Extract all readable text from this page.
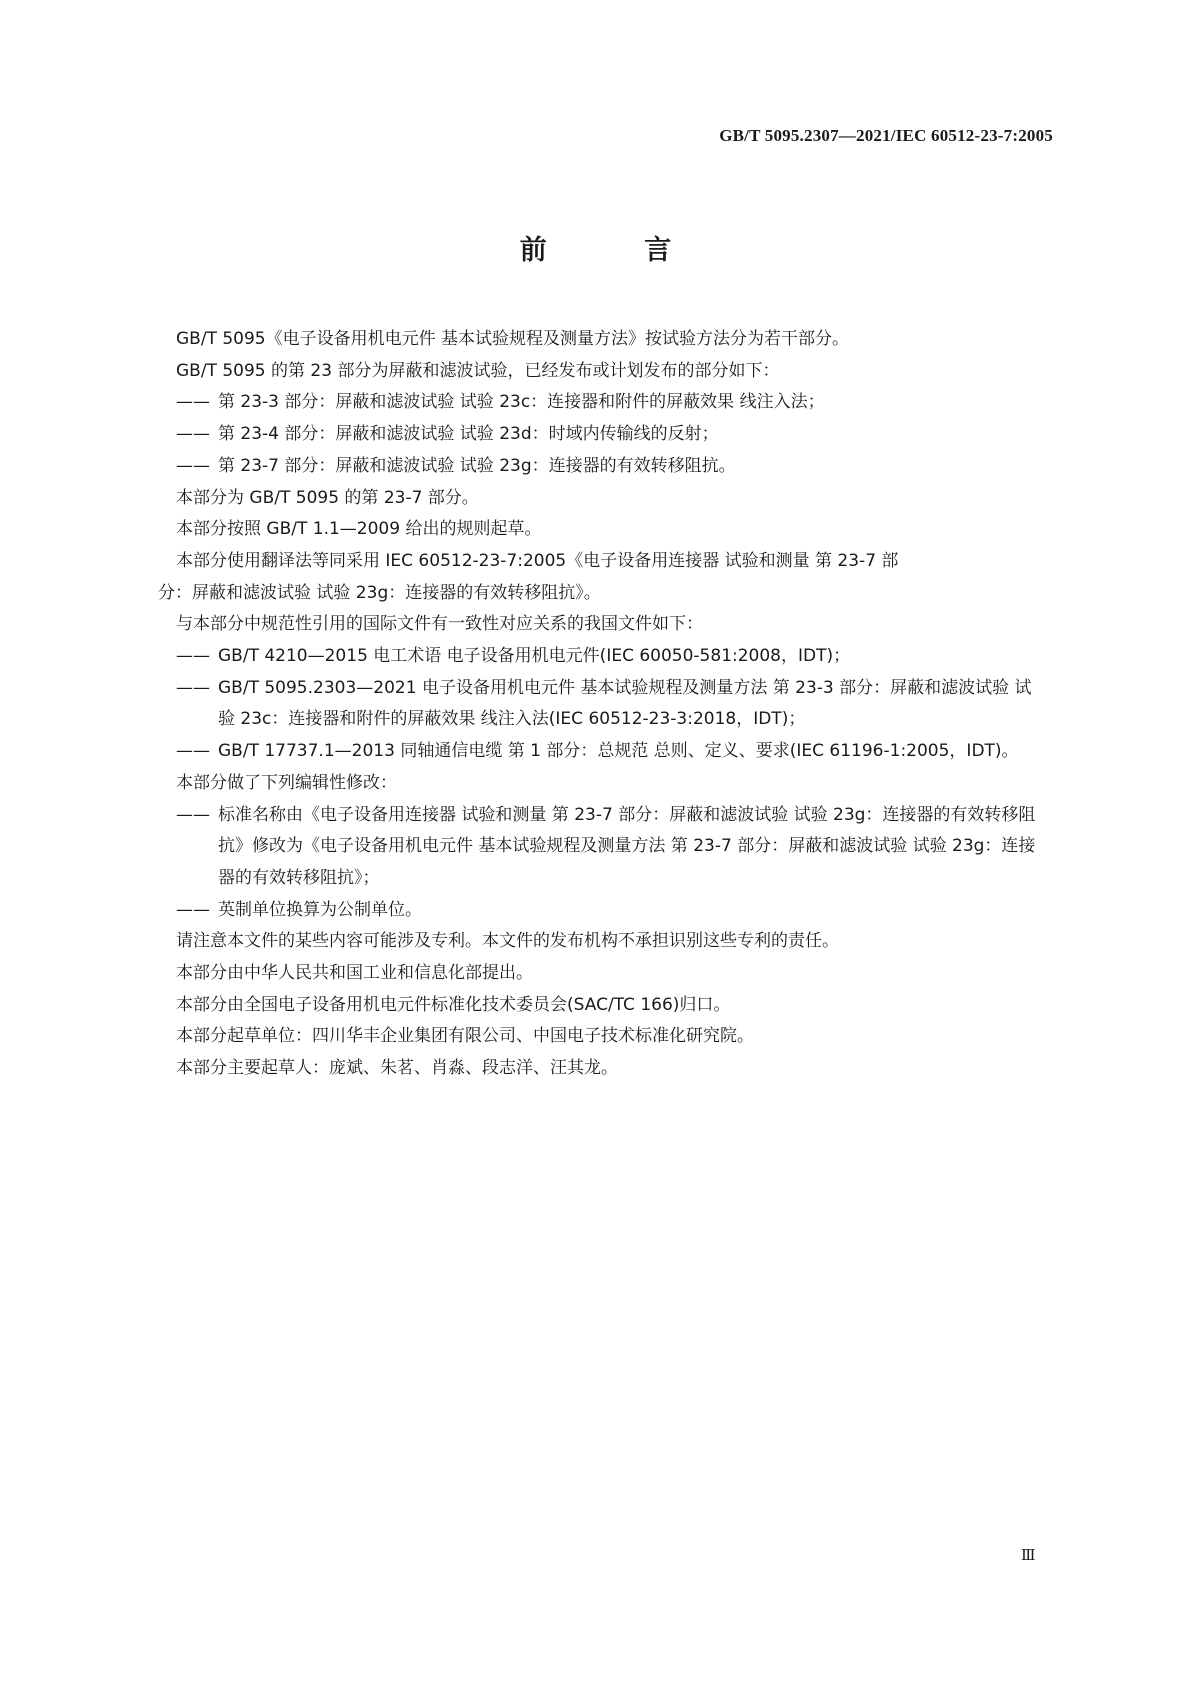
GB/T 5095.2307—2021/IEC 60512-23-7:2005
前 言

GB/T 5095《电子设备用机电元件 基本试验规程及测量方法》按试验方法分为若干部分。

GB/T 5095 的第 23 部分为屏蔽和滤波试验，已经发布或计划发布的部分如下：

—— 第 23-3 部分：屏蔽和滤波试验 试验 23c：连接器和附件的屏蔽效果 线注入法；

—— 第 23-4 部分：屏蔽和滤波试验 试验 23d：时域内传输线的反射；

—— 第 23-7 部分：屏蔽和滤波试验 试验 23g：连接器的有效转移阻抗。

本部分为 GB/T 5095 的第 23-7 部分。

本部分按照 GB/T 1.1—2009 给出的规则起草。

本部分使用翻译法等同采用 IEC 60512-23-7:2005《电子设备用连接器 试验和测量 第 23-7 部

分：屏蔽和滤波试验 试验 23g：连接器的有效转移阻抗》。

与本部分中规范性引用的国际文件有一致性对应关系的我国文件如下：

—— GB/T 4210—2015 电工术语 电子设备用机电元件(IEC 60050-581:2008，IDT)；

—— GB/T 5095.2303—2021 电子设备用机电元件 基本试验规程及测量方法 第 23-3 部分：屏蔽和滤波试验 试验 23c：连接器和附件的屏蔽效果 线注入法(IEC 60512-23-3:2018，IDT)；

—— GB/T 17737.1—2013 同轴通信电缆 第 1 部分：总规范 总则、定义、要求(IEC 61196-1:2005，IDT)。

本部分做了下列编辑性修改：

—— 标准名称由《电子设备用连接器 试验和测量 第 23-7 部分：屏蔽和滤波试验 试验 23g：连接器的有效转移阻抗》修改为《电子设备用机电元件 基本试验规程及测量方法 第 23-7 部分：屏蔽和滤波试验 试验 23g：连接器的有效转移阻抗》；

—— 英制单位换算为公制单位。

请注意本文件的某些内容可能涉及专利。本文件的发布机构不承担识别这些专利的责任。

本部分由中华人民共和国工业和信息化部提出。

本部分由全国电子设备用机电元件标准化技术委员会(SAC/TC 166)归口。

本部分起草单位：四川华丰企业集团有限公司、中国电子技术标准化研究院。

本部分主要起草人：庞斌、朱茗、肖淼、段志洋、汪其龙。

Ⅲ
